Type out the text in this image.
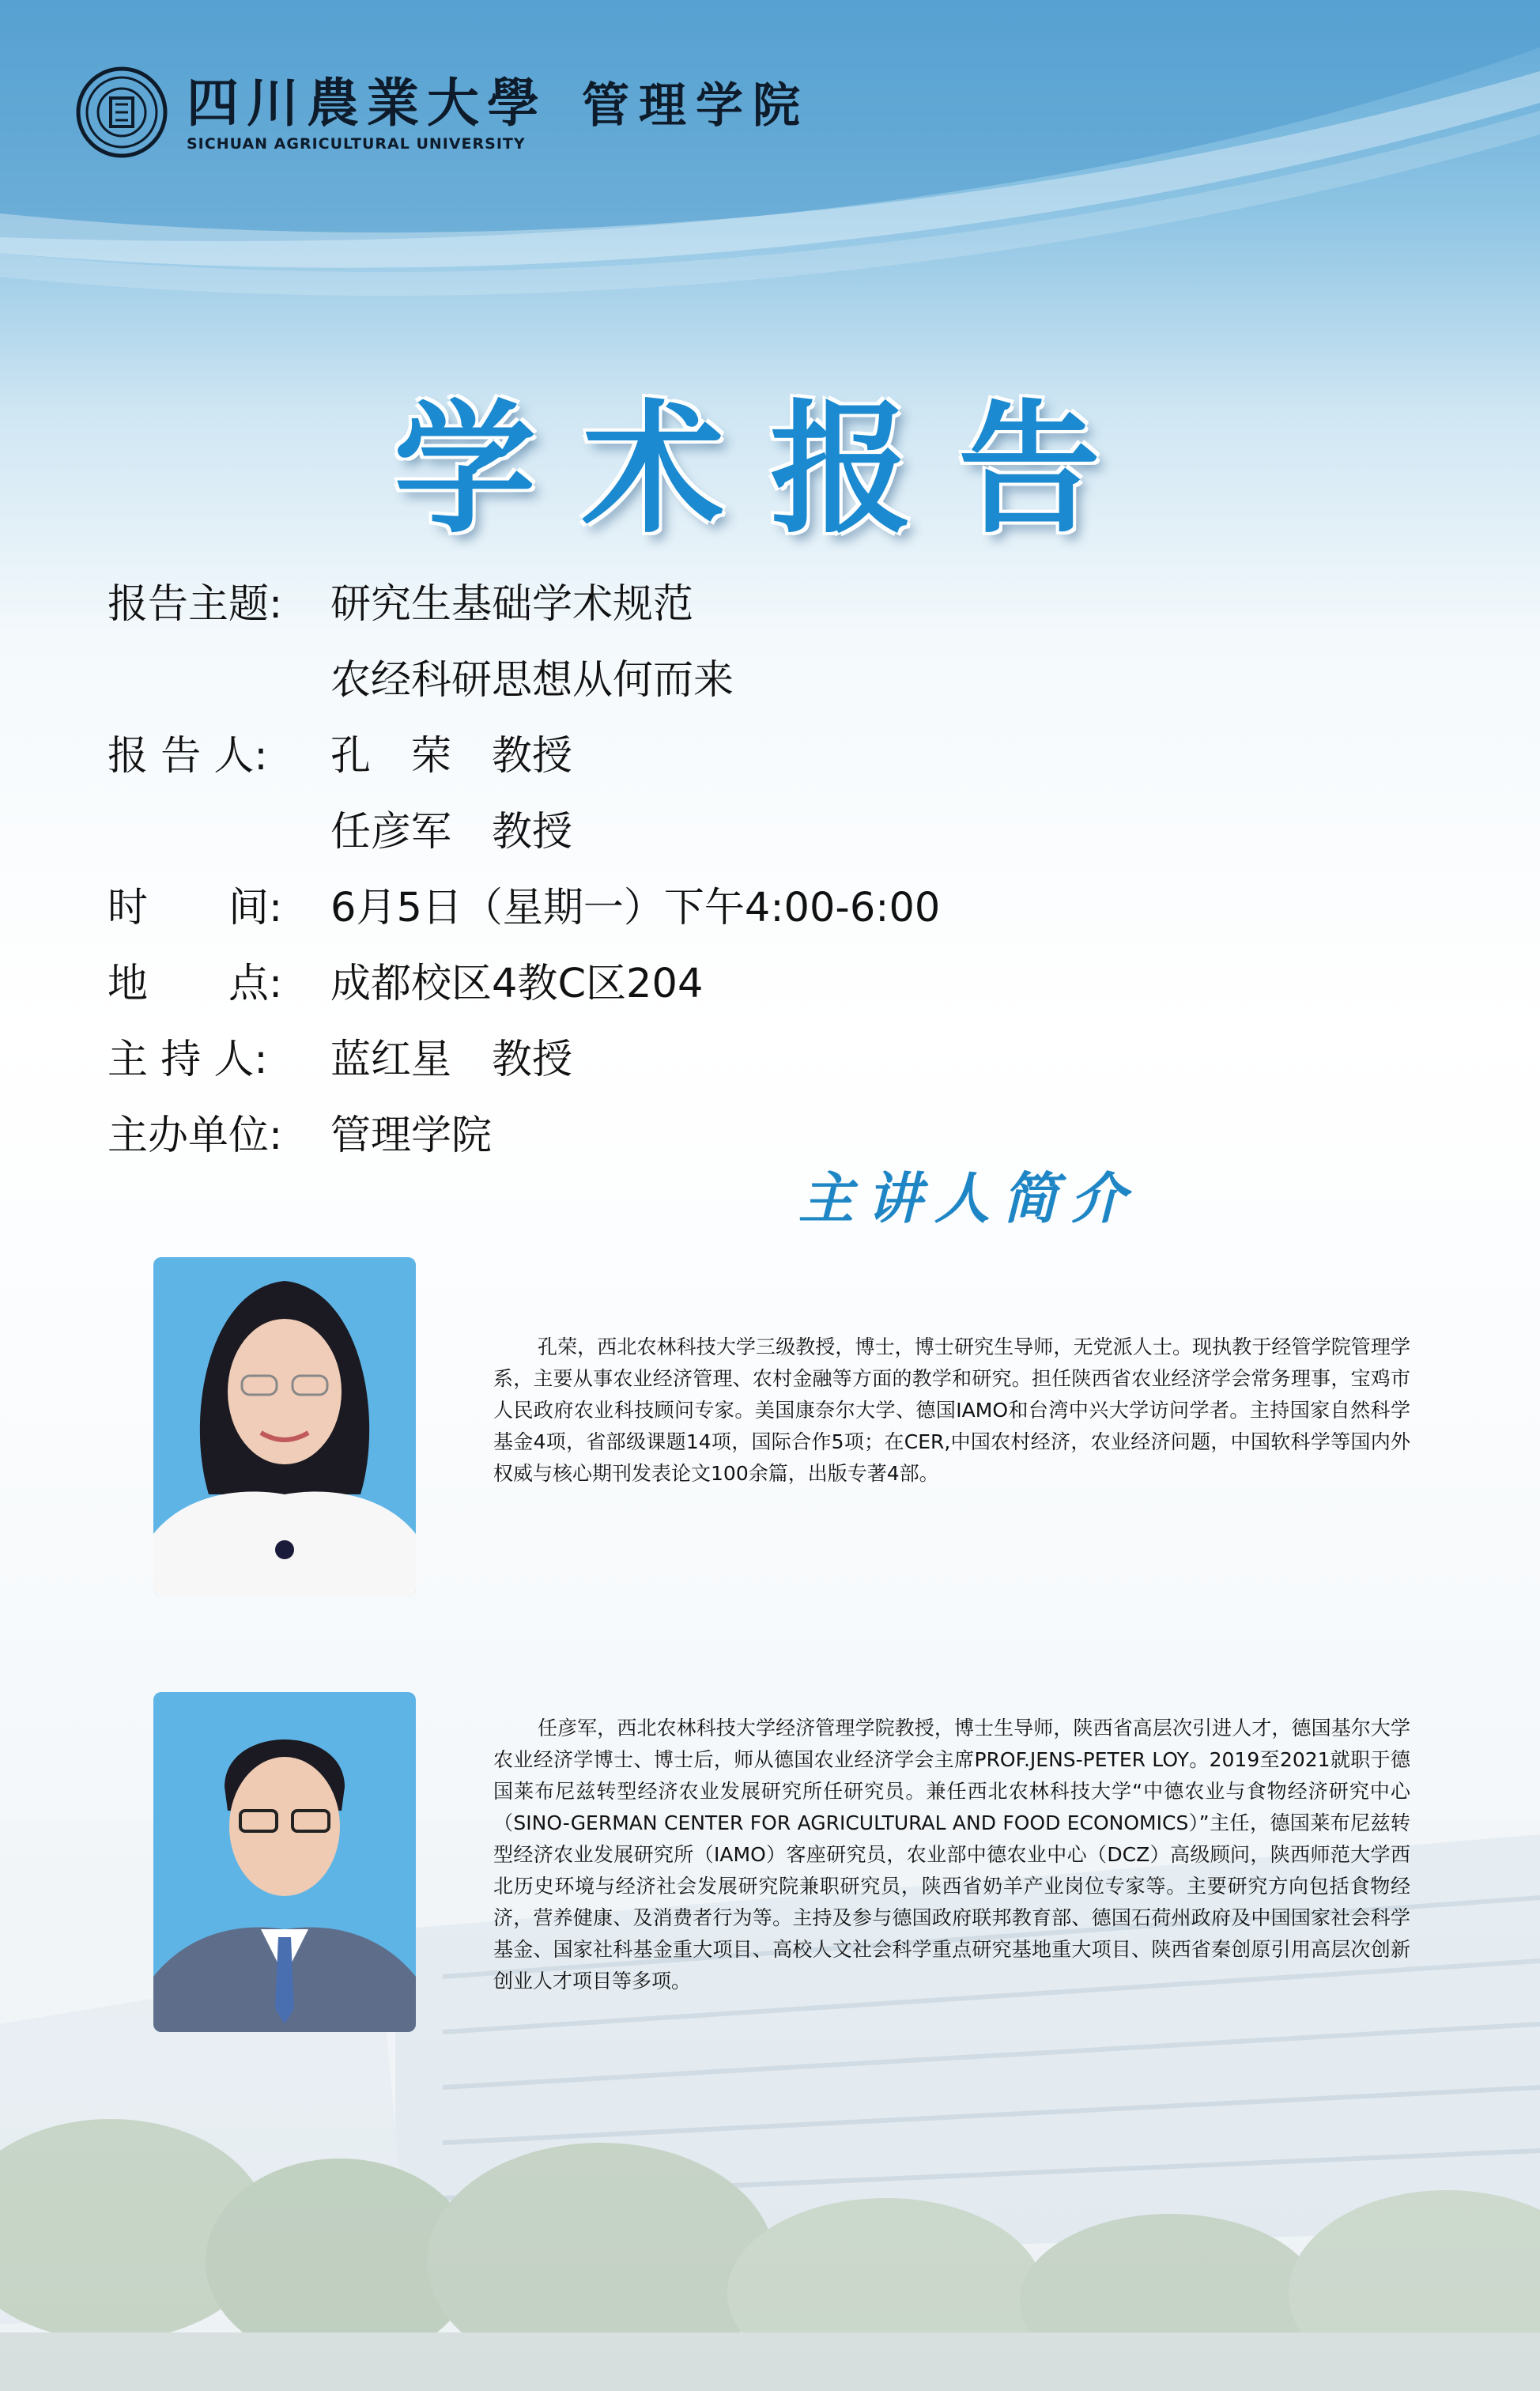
四川農業大學
SICHUAN AGRICULTURAL UNIVERSITY
管理学院
学术报告
报告主题:	研究生基础学术规范
农经科研思想从何而来
报 告 人:	孔　荣　教授
任彦军　教授
时　　间:	6月5日（星期一）下午4:00-6:00
地　　点:	成都校区4教C区204
主 持 人:	蓝红星　教授
主办单位:	管理学院
主讲人简介
孔荣，西北农林科技大学三级教授，博士，博士研究生导师，无党派人士。现执教于经管学院管理学系，主要从事农业经济管理、农村金融等方面的教学和研究。担任陕西省农业经济学会常务理事，宝鸡市人民政府农业科技顾问专家。美国康奈尔大学、德国IAMO和台湾中兴大学访问学者。主持国家自然科学基金4项，省部级课题14项，国际合作5项；在CER,中国农村经济，农业经济问题，中国软科学等国内外权威与核心期刊发表论文100余篇，出版专著4部。
任彦军，西北农林科技大学经济管理学院教授，博士生导师，陕西省高层次引进人才，德国基尔大学农业经济学博士、博士后，师从德国农业经济学会主席PROF.JENS-PETER LOY。2019至2021就职于德国莱布尼兹转型经济农业发展研究所任研究员。兼任西北农林科技大学“中德农业与食物经济研究中心（SINO-GERMAN CENTER FOR AGRICULTURAL AND FOOD ECONOMICS）”主任，德国莱布尼兹转型经济农业发展研究所（IAMO）客座研究员，农业部中德农业中心（DCZ）高级顾问，陕西师范大学西北历史环境与经济社会发展研究院兼职研究员，陕西省奶羊产业岗位专家等。主要研究方向包括食物经济，营养健康、及消费者行为等。主持及参与德国政府联邦教育部、德国石荷州政府及中国国家社会科学基金、国家社科基金重大项目、高校人文社会科学重点研究基地重大项目、陕西省秦创原引用高层次创新创业人才项目等多项。
